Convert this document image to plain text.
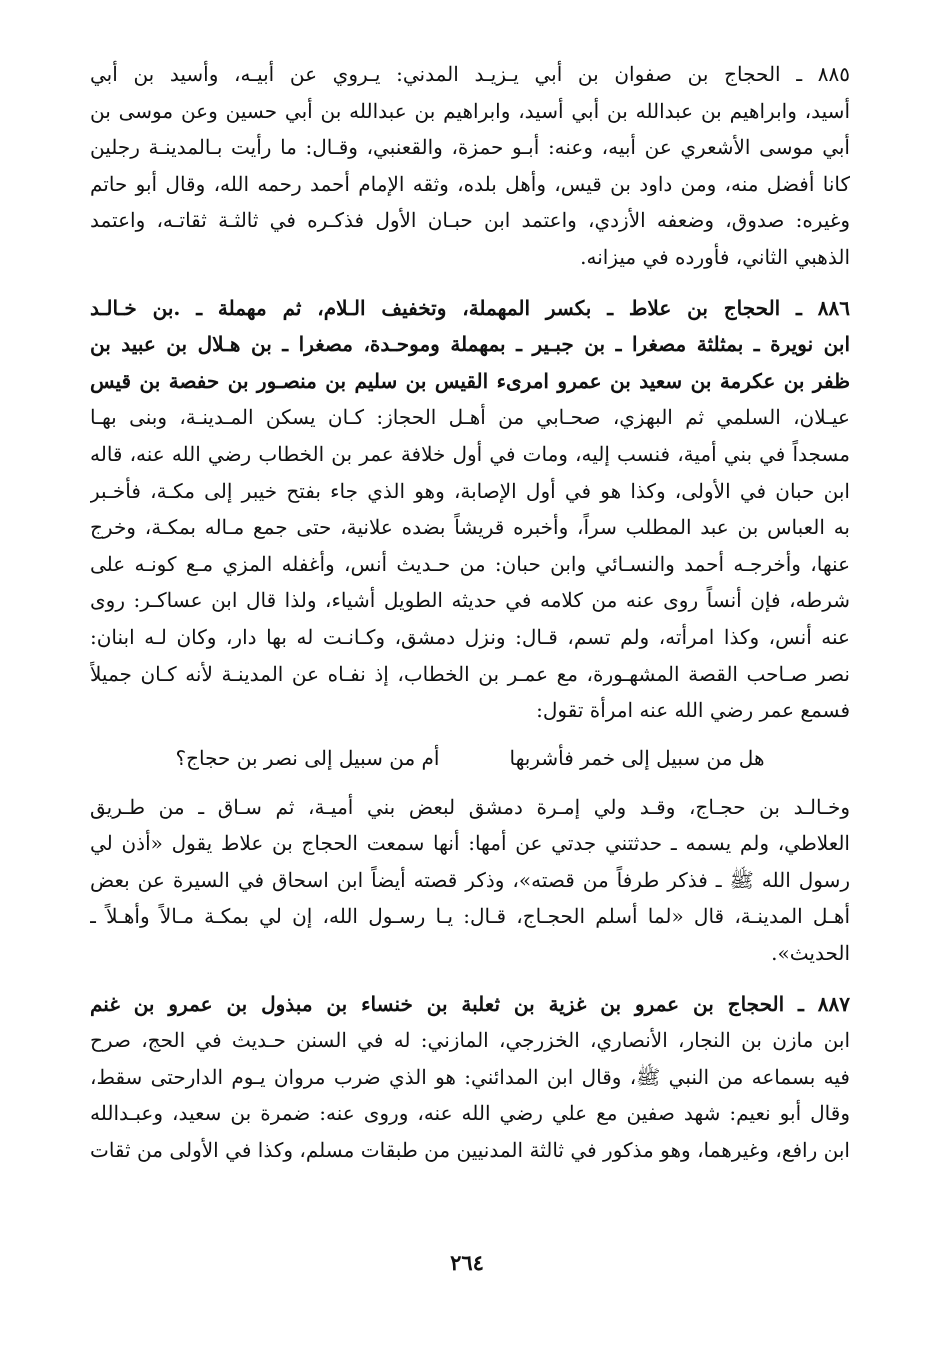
٨٨٥ ـ الحجاج بن صفوان بن أبي يـزيـد المدني: يـروي عن أبيـه، وأسيد بن أبي
أسيد، وابراهيم بن عبدالله بن أبي أسيد، وابراهيم بن عبدالله بن أبي حسين وعن موسى بن
أبي موسى الأشعري عن أبيه، وعنه: أبـو حمزة، والقعنبي، وقـال: ما رأيت بـالمدينـة رجلين
كانا أفضل منه، ومن داود بن قيس، وأهل بلده، وثقه الإمام أحمد رحمه الله، وقال أبو حاتم
وغيره: صدوق، وضعفه الأزدي، واعتمد ابن حبـان الأول فذكـره في ثالثـة ثقاتـه، واعتمد
الذهبي الثاني، فأورده في ميزانه.
٨٨٦ ـ الحجاج بن علاط ـ بكسر المهملة، وتخفيف الـلام، ثم مهملة ـ .بن خـالـد
ابن نويرة ـ بمثلثة مصغرا ـ بن جبـير ـ بمهملة وموحـدة، مصغرا ـ بن هـلال بن عبيد بن
ظفر بن عكرمة بن سعيد بن عمرو امرىء القيس بن سليم بن منصـور بن حفصة بن قيس
عيـلان، السلمي ثم البهزي، صحـابي من أهـل الحجاز: كـان يسكن المـدينـة، وبنى بهـا
مسجداً في بني أمية، فنسب إليه، ومات في أول خلافة عمر بن الخطاب رضي الله عنه، قاله
ابن حبان في الأولى، وكذا هو في أول الإصابة، وهو الذي جاء بفتح خيبر إلى مكـة، فأخـبر
به العباس بن عبد المطلب سراً، وأخبره قريشاً بضده علانية، حتى جمع مـاله بمكـة، وخرج
عنها، وأخرجـه أحمد والنسـائي وابن حبان: من حـديث أنس، وأغفله المزي مـع كونـه على
شرطه، فإن أنساً روى عنه من كلامه في حديثه الطويل أشياء، ولذا قال ابن عساكـر: روى
عنه أنس، وكذا امرأته، ولم تسم، قـال: ونزل دمشق، وكـانـت له بها دار، وكان لـه ابنان:
نصر صـاحب القصة المشهـورة، مع عمـر بن الخطاب، إذ نفـاه عن المدينـة لأنه كـان جميلاً
فسمع عمر رضي الله عنه امرأة تقول:
هل من سبيل إلى خمر فأشربها
أم من سبيل إلى نصر بن حجاج؟
وخـالـد بن حجـاج، وقـد ولي إمـرة دمشق لبعض بني أميـة، ثم سـاق ـ من طـريق
العلاطي، ولم يسمه ـ حدثتني جدتي عن أمها: أنها سمعت الحجاج بن علاط يقول «أذن لي
رسول الله ﷺ ـ فذكر طرفاً من قصته»، وذكر قصته أيضاً ابن اسحاق في السيرة عن بعض
أهـل المدينـة، قال «لما أسلم الحجـاج، قـال: يـا رسـول الله، إن لي بمكـة مـالاً وأهـلاً ـ
الحديث».
٨٨٧ ـ الحجاج بن عمرو بن غزية بن ثعلبة بن خنساء بن مبذول بن عمرو بن غنم
ابن مازن بن النجار، الأنصاري، الخزرجي، المازني: له في السنن حـديث في الحج، صرح
فيه بسماعه من النبي ﷺ، وقال ابن المدائني: هو الذي ضرب مروان يـوم الدارحتى سقط،
وقال أبو نعيم: شهد صفين مع علي رضي الله عنه، وروى عنه: ضمرة بن سعيد، وعبـدالله
ابن رافع، وغيرهما، وهو مذكور في ثالثة المدنيين من طبقات مسلم، وكذا في الأولى من ثقات
٢٦٤
